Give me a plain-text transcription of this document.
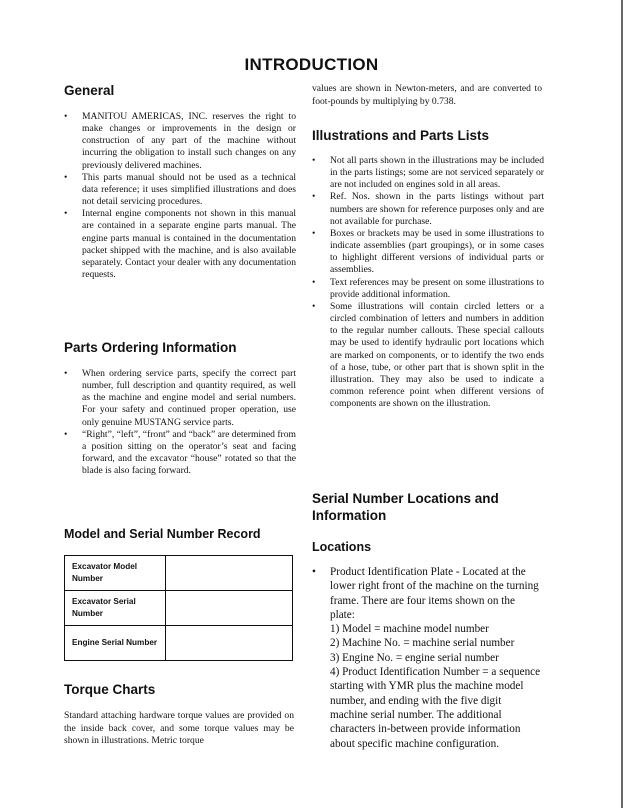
INTRODUCTION
General
• MANITOU AMERICAS, INC. reserves the right to make changes or improvements in the design or construction of any part of the machine without incurring the obligation to install such changes on any previously delivered machines.
• This parts manual should not be used as a technical data reference; it uses simplified illustrations and does not detail servicing procedures.
• Internal engine components not shown in this manual are contained in a separate engine parts manual. The engine parts manual is contained in the documentation packet shipped with the machine, and is also available separately. Contact your dealer with any documentation requests.
Parts Ordering Information
• When ordering service parts, specify the correct part number, full description and quantity required, as well as the machine and engine model and serial numbers. For your safety and continued proper operation, use only genuine MUSTANG service parts.
• “Right”, “left”, “front” and “back” are determined from a position sitting on the operator’s seat and facing forward, and the excavator “house” rotated so that the blade is also facing forward.
Model and Serial Number Record
Excavator Model Number	
Excavator Serial Number	
Engine Serial Number	
Torque Charts

Standard attaching hardware torque values are provided on the inside back cover, and some torque values may be shown in illustrations. Metric torque

values are shown in Newton-meters, and are converted to foot-pounds by multiplying by 0.738.

Illustrations and Parts Lists
• Not all parts shown in the illustrations may be included in the parts listings; some are not serviced separately or are not included on engines sold in all areas.
• Ref. Nos. shown in the parts listings without part numbers are shown for reference purposes only and are not available for purchase.
• Boxes or brackets may be used in some illustrations to indicate assemblies (part groupings), or in some cases to highlight different versions of individual parts or assemblies.
• Text references may be present on some illustrations to provide additional information.
• Some illustrations will contain circled letters or a circled combination of letters and numbers in addition to the regular number callouts. These special callouts may be used to identify hydraulic port locations which are marked on components, or to identify the two ends of a hose, tube, or other part that is shown split in the illustration. They may also be used to indicate a common reference point when different versions of components are shown on the illustration.
Serial Number Locations and Information
Locations
• Product Identification Plate - Located at the lower right front of the machine on the turning frame. There are four items shown on the plate:
1) Model = machine model number
2) Machine No. = machine serial number
3) Engine No. = engine serial number
4) Product Identification Number = a sequence starting with YMR plus the machine model number, and ending with the five digit machine serial number. The additional characters in-between provide information about specific machine configuration.
